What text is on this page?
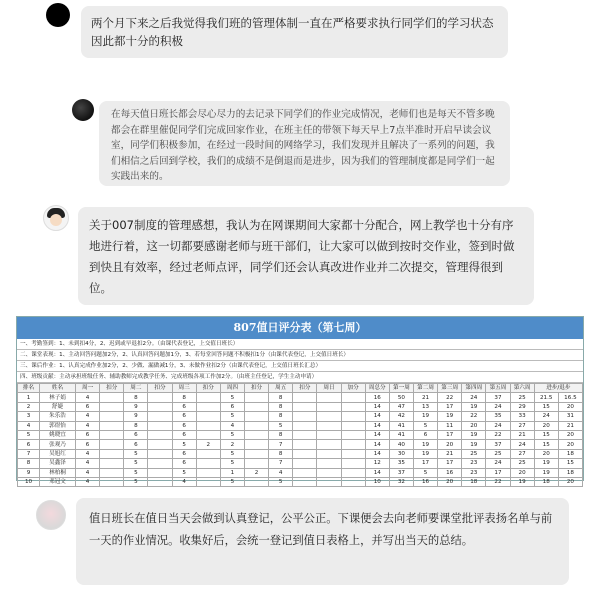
两个月下来之后我觉得我们班的管理体制一直在严格要求执行同学们的学习状态因此都十分的积极
在每天值日班长都会尽心尽力的去记录下同学们的作业完成情况，老师们也是每天不管多晚都会在群里催促同学们完成回家作业，在班主任的带领下每天早上7点半准时开启早读会议室，同学们积极参加，在经过一段时间的网络学习，我们发现并且解决了一系列的问题，我们相信之后回到学校，我们的成绩不是倒退而是进步，因为我们的管理制度都是同学们一起实践出来的。
关于007制度的管理感想，我认为在网课期间大家都十分配合，网上教学也十分有序地进行着，这一切都要感谢老师与班干部们，让大家可以做到按时交作业，签到时做到快且有效率，经过老师点评，同学们还会认真改进作业并二次提交，管理得很到位。
807值日评分表（第七周）
一、考勤签到：1、未到扣4分，2、迟到或早退扣2分。（由课代表登记，上交值日班长）
二、课堂表现：1、主动回答问题加2分，2、认真回答问题加1分，3、若每堂回答问题不积极扣1分（由课代表登记，上交值日班长）
三、课后作业：1、认真完成作业加2分，2、少做、漏做减1分，3、未做作业扣2分（由课代表登记，上交值日班长汇总）
四、班级贡献：主动承担班级任务、辅助教师完成教学任务、完成班级各项工作加2分。（由班主任登记，学生主动申请）
排名	姓名	周一	扣分	周二	扣分	周三	扣分	周四	扣分	周五	扣分	周日	加分	周总分	第一周	第二周	第三周	第四周	第五周	第六周	进步/退步	
1	林子娟	4		8		8		5		8				16	50	21	22	24	37	25	21.5	16.5
2	舒婕	6		9		6		6		8				14	47	13	17	19	24	29	15	20
3	朱乐浩	4		9		6		5		8				14	42	19	19	22	35	33	24	31
4	郭煜怡	4		8		6		4		5				14	41	5	11	20	24	27	20	21
5	姚晓宜	6		6		6		5		8				14	41	6	17	19	22	21	15	20
6	张观乃	6		6		5	2	2		7				14	40	19	20	19	37	24	15	20
7	吴旭红	4		5		6		5		8				14	30	19	21	25	25	27	20	18
8	吴鑫泽	4		5		6		5		7				12	35	17	17	23	24	25	19	15
9	林柏桐	4		5		5		1	2	4				14	37	5	16	23	17	20	19	18
10	邓冠文	4		5		4		5		5				10	32	16	20	18	22	19	18	20
值日班长在值日当天会做到认真登记，公平公正。下课便会去向老师要课堂批评表扬名单与前一天的作业情况。收集好后，会统一登记到值日表格上，并写出当天的总结。
